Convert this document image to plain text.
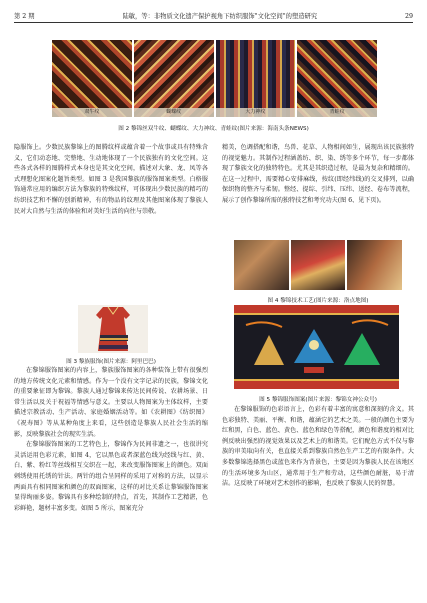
第 2 期	陆敏，等：非物质文化遗产保护视角下纺织服饰"文化空间"的塑造研究	29
双牛纹	蝴蝶纹	大力神纹	青蛙纹
图 2 黎锦丝双牛纹、蝴蝶纹、大力神纹、青蛙纹(图片来源：海南头条NEWS)

隐服饰上。少数民族黎锦上的图腾纹样或蕴含着一个故事或具有特殊含义，它们动态地、完整地、生动地体现了一个民族独有的文化空间。这些各式各样的图腾样式本身也是其文化空间，描述对大象、龙、凤等各式理想化图案化题旨类型。如图 3 是我国黎族的服饰图案类型。白格服饰通常应用的编织方法为黎族的特殊纹样，可体现出少数民族的精巧的纺织技艺和不懈的创新精神，有的物品的纹理及其他图案体现了黎族人民对大自然与生活的体验和对美好生活的向往与崇敬。

图 3 黎族服饰(图片来源：阿里巴巴)

在黎锦服饰图案的内容上，黎族服饰图案的各种装饰上带有很强烈的地方传统文化元素和情感。作为一个没有文字记录的民族，黎锦文化的重要象征即为黎锦。黎族人通过黎锦来传达民间传说、农耕场景、日常生活以及关于祝福等情感与意义。主要以人物图案为主体纹样，主要描述宗教活动、生产活动、家庭婚姻活动等。如《农耕图》《纺织图》《祝寿图》等从某种角度上来看，这些创造是黎族人民社会生活的缩影，反映黎族社会的现实生活。

在黎锦服饰图案的工艺特色上，黎锦作为民间非遗之一，也很讲究灵活运用色彩元素，如图 4，它以黑色或者深蓝色线为经线与红、黄、白、紫、粉红等丝线相互交织在一起，来改变服饰图案上的颜色。双面刺绣使用托绣的针法。两针的组合呈同样的采用了对称的方法，以显示两面具有相同图案和颜色的双面图案，这样的对比关系让黎锦服饰图案显得绚丽多姿。黎锦具有多种绘制的特点，首先，其制作工艺精湛，色彩鲜艳，题材丰富多变。如图 5 所示，图案充分

精美，色调搭配和谐，鸟兽、花草、人物相间如生，展现出该民族独特的视觉魅力。其制作过程涵盖纺、织、染、绣等多个环节，每一步都体现了黎族文化的独特特色。尤其是其织造过程，是最为复杂和精细的。在这一过程中，需要精心安排麻线，按纹(即经纬线)的交叉排列，以确保织物的整齐与柔韧。整经、提综、引纬、压纬、送经、卷布等流程，展示了创作黎锦所需的独特技艺和考究功夫(图 6、见下页)。

图 4 黎锦技术工艺(图片来源：洛点地图)
图 5 黎锦服饰图案(图片来源：黎锦女神公众号)

在黎锦服饰的色彩语言上，色彩有着丰富的寓意和深刻的含义。其色彩独特、美丽、平衡、和谐，蕴涵它的艺术之美。一般的颜色主要为红和黑，白色、蓝色、黄色、蓝色和绿色等搭配，颜色和谐度的相对比例反映出强烈的视觉效果以及艺术上的和谐美。它们配色方式不仅与黎族的审美取向有关，也直接关系到黎族自然色生产工艺的有限条件。大多数黎锦选择黑色或蓝色来作为背景色，主要是因为黎族人民在该地区的生活环境多为山区，通常用于生产和劳动，这些颜色耐脏，易于清洁。这反映了环境对艺术创作的影响，也反映了黎族人民的智慧。
